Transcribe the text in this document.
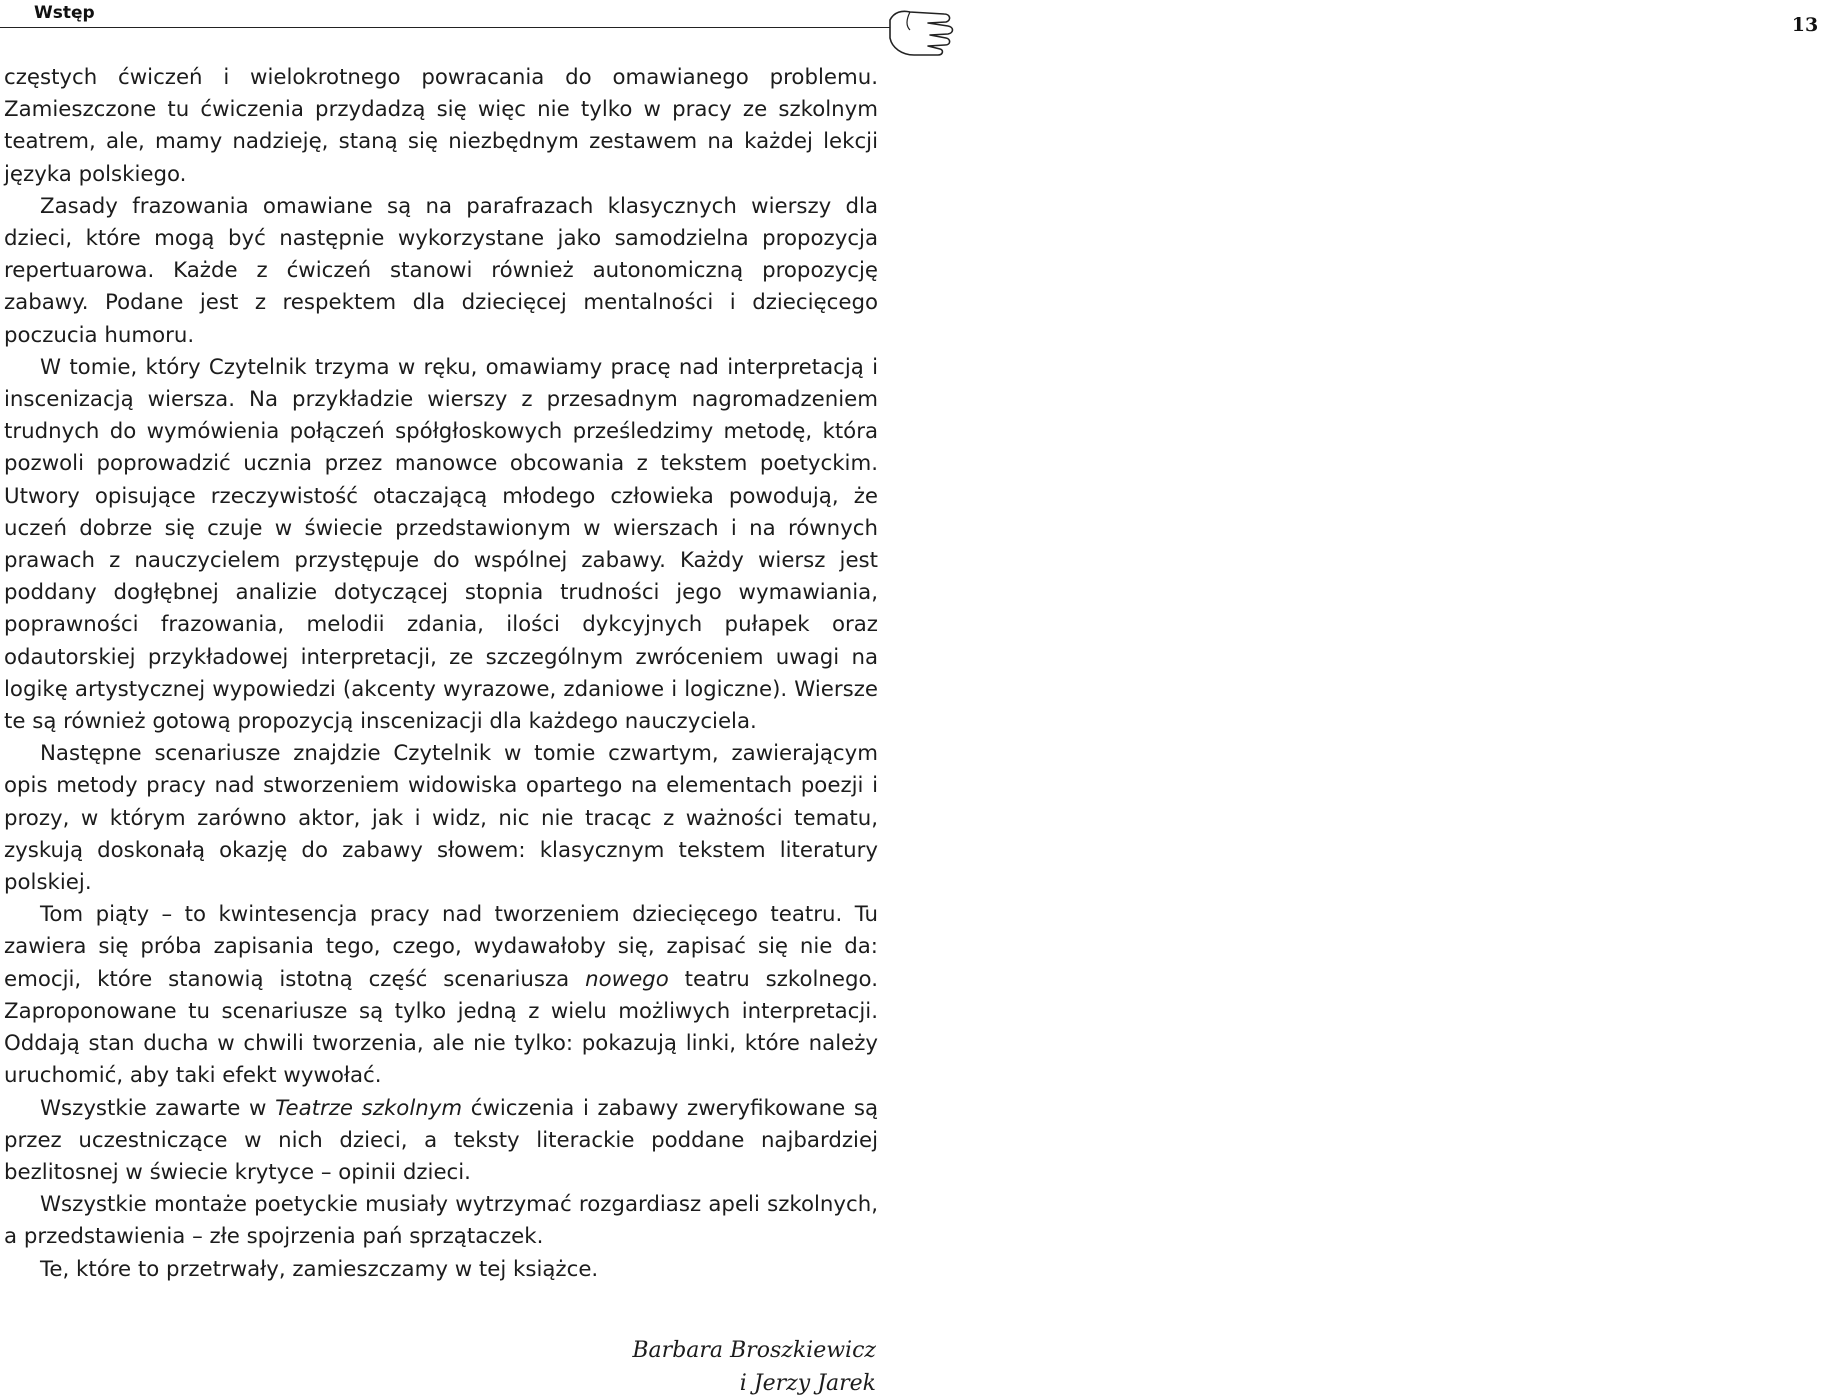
Wstęp
13

częstych ćwiczeń i wielokrotnego powracania do omawianego problemu. Zamieszczone tu ćwiczenia przydadzą się więc nie tylko w pracy ze szkolnym teatrem, ale, mamy nadzieję, staną się niezbędnym zestawem na każdej lekcji języka polskiego.

Zasady frazowania omawiane są na parafrazach klasycznych wierszy dla dzieci, które mogą być następnie wykorzystane jako samodzielna propozycja repertuarowa. Każde z ćwiczeń stanowi również autonomiczną propozycję zabawy. Podane jest z respektem dla dziecięcej mentalności i dziecięcego poczucia humoru.

W tomie, który Czytelnik trzyma w ręku, omawiamy pracę nad interpretacją i inscenizacją wiersza. Na przykładzie wierszy z przesadnym nagromadzeniem trudnych do wymówienia połączeń spółgłoskowych prześledzimy metodę, która pozwoli poprowadzić ucznia przez manowce obcowania z tekstem poetyckim. Utwory opisujące rzeczywistość otaczającą młodego człowieka powodują, że uczeń dobrze się czuje w świecie przedstawionym w wierszach i na równych prawach z nauczycielem przystępuje do wspólnej zabawy. Każdy wiersz jest poddany dogłębnej analizie dotyczącej stopnia trudności jego wymawiania, poprawności frazowania, melodii zdania, ilości dykcyjnych pułapek oraz odautorskiej przykładowej interpretacji, ze szczególnym zwróceniem uwagi na logikę artystycznej wypowiedzi (akcenty wyrazowe, zdaniowe i logiczne). Wiersze te są również gotową propozycją inscenizacji dla każdego nauczyciela.

Następne scenariusze znajdzie Czytelnik w tomie czwartym, zawierającym opis metody pracy nad stworzeniem widowiska opartego na elementach poezji i prozy, w którym zarówno aktor, jak i widz, nic nie tracąc z ważności tematu, zyskują doskonałą okazję do zabawy słowem: klasycznym tekstem literatury polskiej.

Tom piąty – to kwintesencja pracy nad tworzeniem dziecięcego teatru. Tu zawiera się próba zapisania tego, czego, wydawałoby się, zapisać się nie da: emocji, które stanowią istotną część scenariusza nowego teatru szkolnego. Zaproponowane tu scenariusze są tylko jedną z wielu możliwych interpretacji. Oddają stan ducha w chwili tworzenia, ale nie tylko: pokazują linki, które należy uruchomić, aby taki efekt wywołać.

Wszystkie zawarte w Teatrze szkolnym ćwiczenia i zabawy zweryfikowane są przez uczestniczące w nich dzieci, a teksty literackie poddane najbardziej bezlitosnej w świecie krytyce – opinii dzieci.

Wszystkie montaże poetyckie musiały wytrzymać rozgardiasz apeli szkolnych, a przedstawienia – złe spojrzenia pań sprzątaczek.

Te, które to przetrwały, zamieszczamy w tej książce.

Barbara Broszkiewicz
i Jerzy Jarek
